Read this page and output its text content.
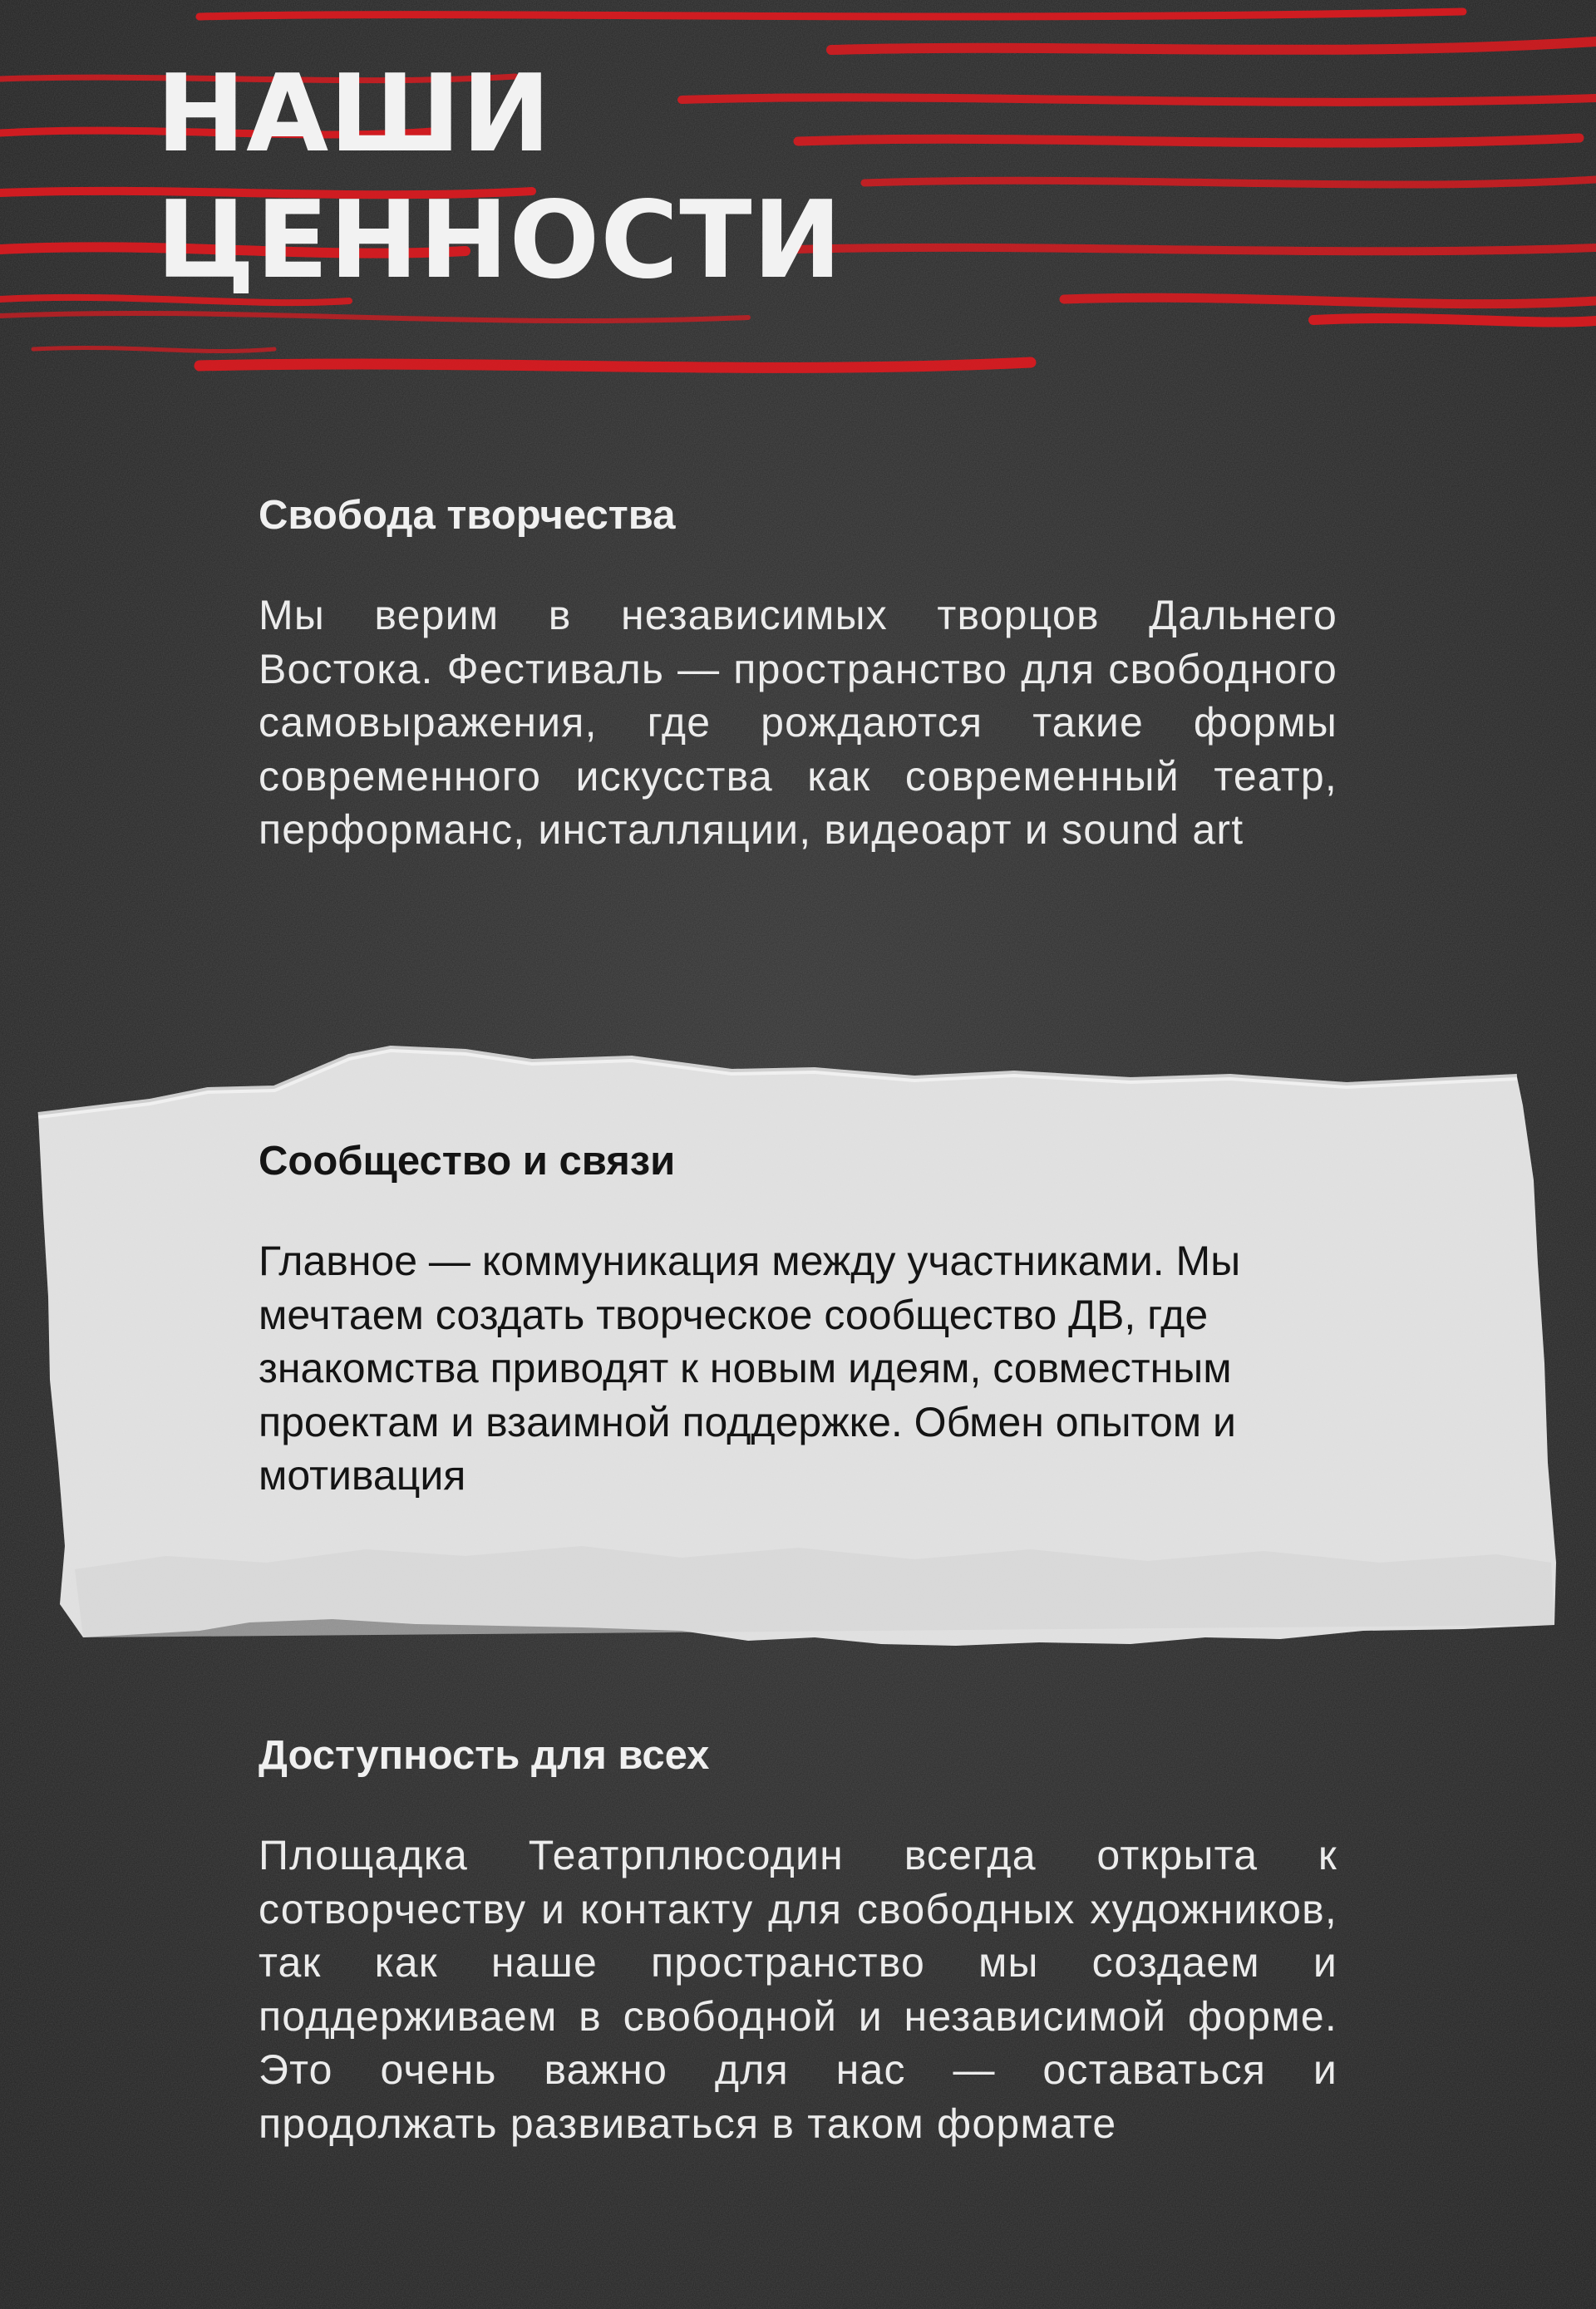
НАШИ
ЦЕННОСТИ
Свобода творчества

Мы верим в независимых творцов Дальнего Востока. Фестиваль — пространство для свободного самовыражения, где рождаются такие формы современного искусства как современный театр, перформанс, инсталляции, видеоарт и sound art

Сообщество и связи

Главное — коммуникация между участниками. Мы мечтаем создать творческое сообщество ДВ, где знакомства приводят к новым идеям, совместным проектам и взаимной поддержке. Обмен опытом и мотивация

Доступность для всех

Площадка Театрплюсодин всегда открыта к сотворчеству и контакту для свободных художников, так как наше пространство мы создаем и поддерживаем в свободной и независимой форме. Это очень важно для нас — оставаться и продолжать развиваться в таком формате
